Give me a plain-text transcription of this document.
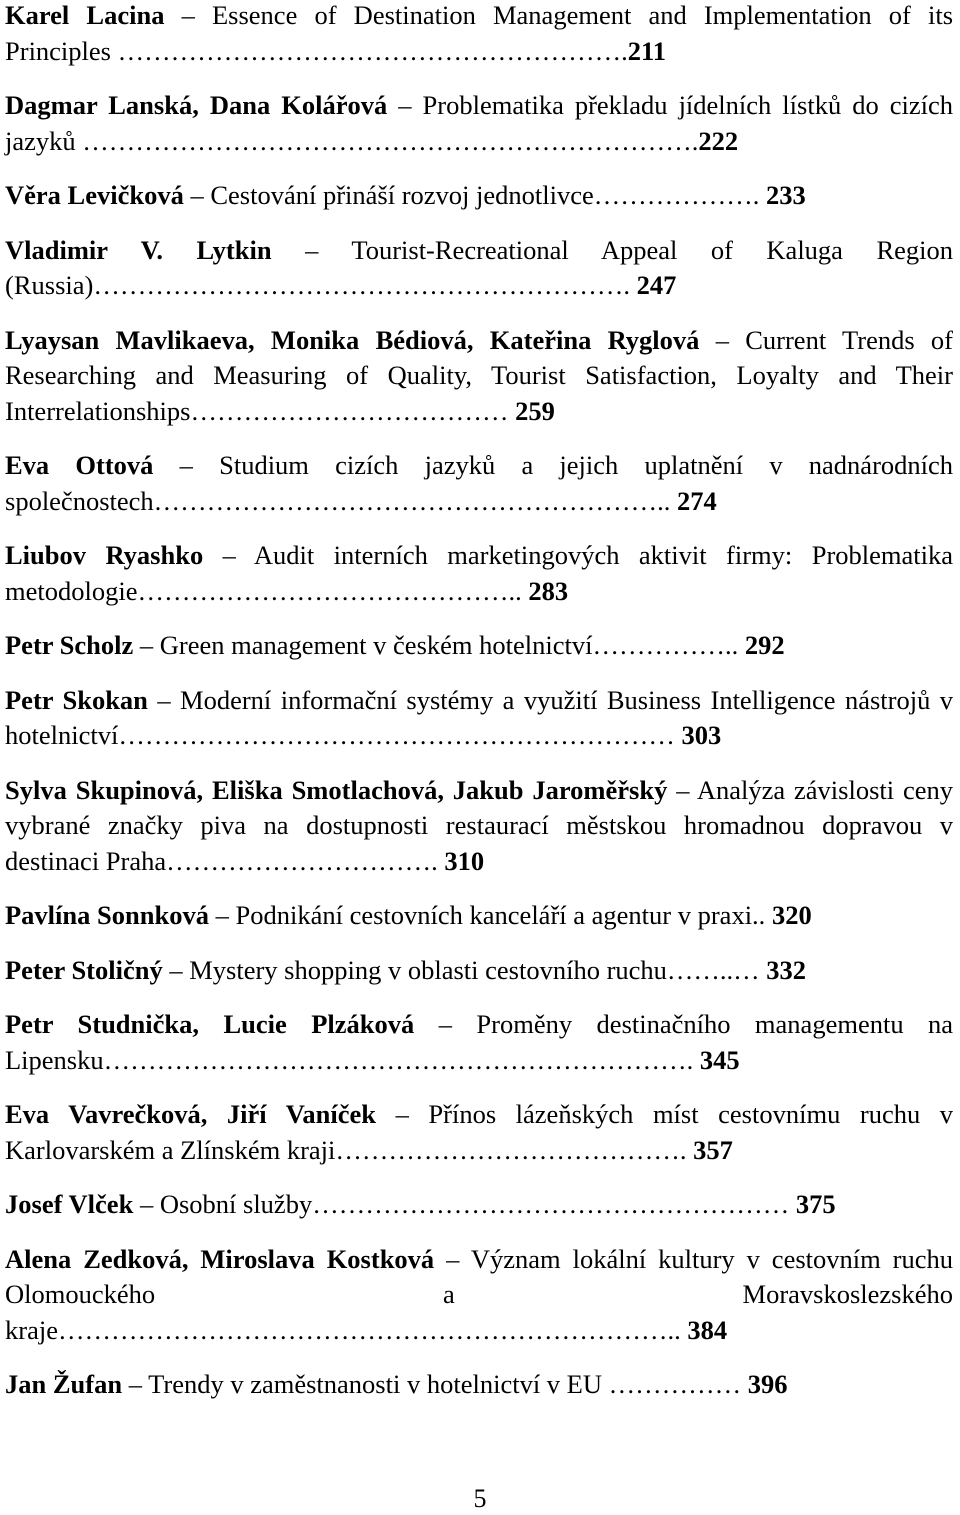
Karel Lacina – Essence of Destination Management and Implementation of its Principles ………………………………………………….211
Dagmar Lanská, Dana Kolářová – Problematika překladu jídelních lístků do cizích jazyků …………………………………………………………….222
Věra Levičková – Cestování přináší rozvoj jednotlivce………………. 233
Vladimir V. Lytkin – Tourist-Recreational Appeal of Kaluga Region (Russia)……………………………………………………. 247
Lyaysan Mavlikaeva, Monika Bédiová, Kateřina Ryglová – Current Trends of Researching and Measuring of Quality, Tourist Satisfaction, Loyalty and Their Interrelationships……………………………… 259
Eva Ottová – Studium cizích jazyků a jejich uplatnění v nadnárodních společnostech………………………………………………….. 274
Liubov Ryashko – Audit interních marketingových aktivit firmy: Problematika metodologie…………………………………….. 283
Petr Scholz – Green management v českém hotelnictví…………….. 292
Petr Skokan – Moderní informační systémy a využití Business Intelligence nástrojů v hotelnictví……………………………………………………… 303
Sylva Skupinová, Eliška Smotlachová, Jakub Jaroměřský – Analýza závislosti ceny vybrané značky piva na dostupnosti restaurací městskou hromadnou dopravou v destinaci Praha…………………………. 310
Pavlína Sonnková – Podnikání cestovních kanceláří a agentur v praxi.. 320
Peter Stoličný – Mystery shopping v oblasti cestovního ruchu……..… 332
Petr Studnička, Lucie Plzáková – Proměny destinačního managementu na Lipensku…………………………………………………………. 345
Eva Vavrečková, Jiří Vaníček – Přínos lázeňských míst cestovnímu ruchu v Karlovarském a Zlínském kraji…………………………………. 357
Josef Vlček – Osobní služby……………………………………………… 375
Alena Zedková, Miroslava Kostková – Význam lokální kultury v cestovním ruchu Olomouckého a Moravskoslezského kraje…………………………………………………………….. 384
Jan Žufan – Trendy v zaměstnanosti v hotelnictví v EU …………… 396
5
